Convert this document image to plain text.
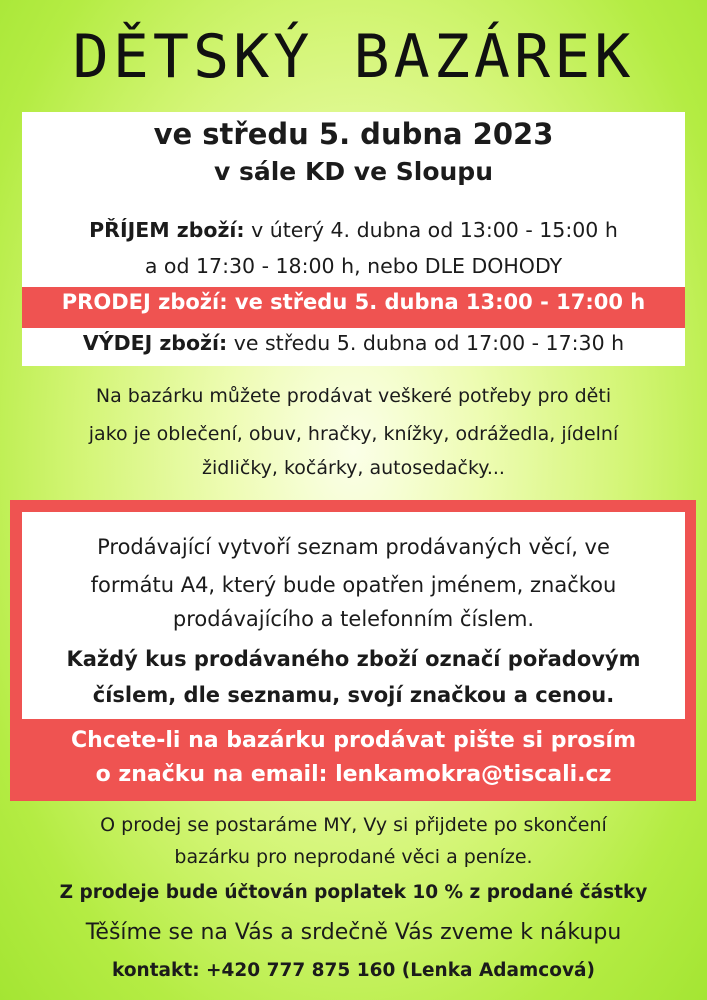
DĚTSKÝ BAZÁREK
ve středu 5. dubna 2023
v sále KD ve Sloupu
PŘÍJEM zboží: v úterý 4. dubna od 13:00 - 15:00 h
a od 17:30 - 18:00 h, nebo DLE DOHODY
PRODEJ zboží: ve středu 5. dubna 13:00 - 17:00 h
VÝDEJ zboží: ve středu 5. dubna od 17:00 - 17:30 h
Na bazárku můžete prodávat veškeré potřeby pro děti
jako je oblečení, obuv, hračky, knížky, odrážedla, jídelní
židličky, kočárky, autosedačky...
Prodávající vytvoří seznam prodávaných věcí, ve
formátu A4, který bude opatřen jménem, značkou
prodávajícího a telefonním číslem.
Každý kus prodávaného zboží označí pořadovým
číslem, dle seznamu, svojí značkou a cenou.
Chcete-li na bazárku prodávat pište si prosím
o značku na email: lenkamokra@tiscali.cz
O prodej se postaráme MY, Vy si přijdete po skončení
bazárku pro neprodané věci a peníze.
Z prodeje bude účtován poplatek 10 % z prodané částky
Těšíme se na Vás a srdečně Vás zveme k nákupu
kontakt: +420 777 875 160 (Lenka Adamcová)
